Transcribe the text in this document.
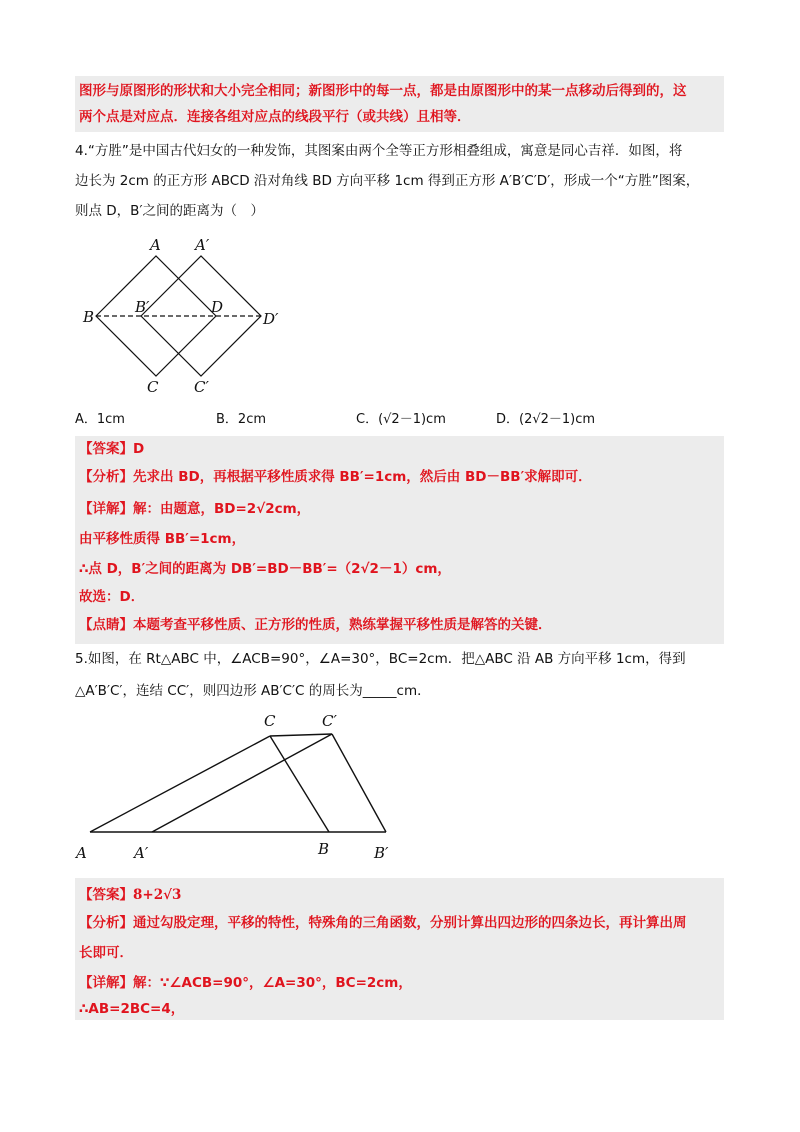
图形与原图形的形状和大小完全相同；新图形中的每一点，都是由原图形中的某一点移动后得到的，这
两个点是对应点．连接各组对应点的线段平行（或共线）且相等．
4.“方胜”是中国古代妇女的一种发饰，其图案由两个全等正方形相叠组成，寓意是同心吉祥．如图，将
边长为 2cm 的正方形 ABCD 沿对角线 BD 方向平移 1cm 得到正方形 A′B′C′D′，形成一个“方胜”图案，
则点 D，B′之间的距离为（　）
A A′
B
B′	D
D′
C C′
A．1cm	B．2cm	C．(√2－1)cm	D．(2√2－1)cm
【答案】D
【分析】先求出 BD，再根据平移性质求得 BB′=1cm，然后由 BD－BB′求解即可．
【详解】解：由题意，BD=2√2cm，
由平移性质得 BB′=1cm，
∴点 D，B′之间的距离为 DB′=BD－BB′=（2√2－1）cm，
故选：D．
【点睛】本题考查平移性质、正方形的性质，熟练掌握平移性质是解答的关键．
5.如图，在 Rt△ABC 中，∠ACB=90°，∠A=30°，BC=2cm．把△ABC 沿 AB 方向平移 1cm，得到
△A′B′C′，连结 CC′，则四边形 AB′C′C 的周长为_____cm．
A	A′	B	B′
C	C′
【答案】8+2√3
【分析】通过勾股定理，平移的特性，特殊角的三角函数，分别计算出四边形的四条边长，再计算出周
长即可．
【详解】解：∵∠ACB=90°，∠A=30°，BC=2cm，
∴AB=2BC=4，
